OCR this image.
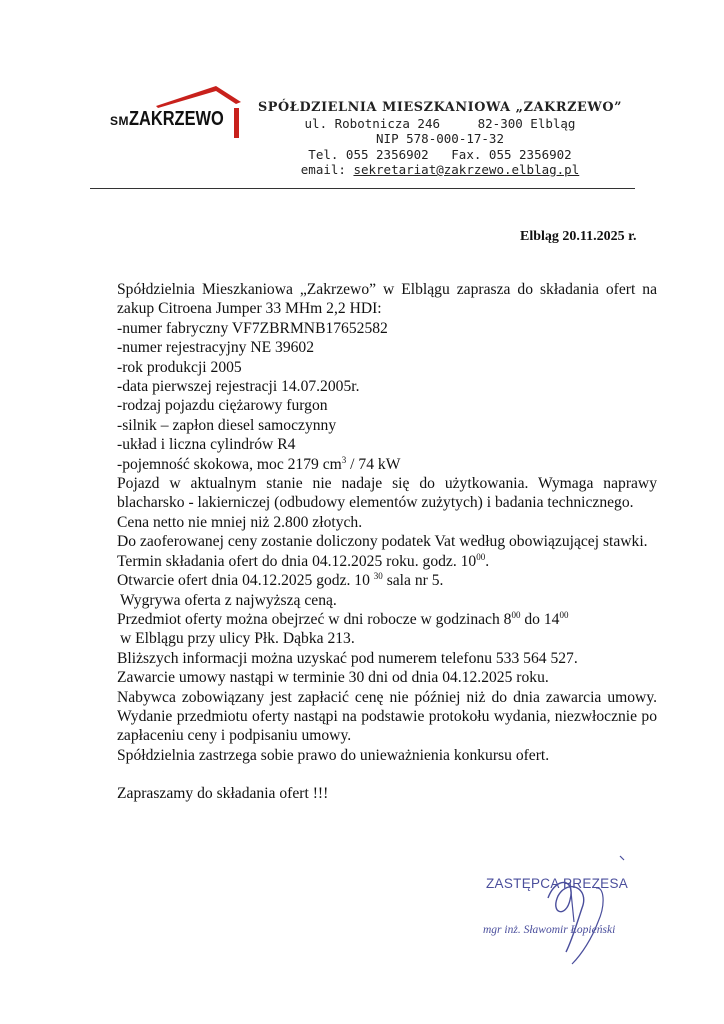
SMZAKRZEWO
SPÓŁDZIELNIA MIESZKANIOWA „ZAKRZEWO”
ul. Robotnicza 246     82-300 Elbląg
NIP 578-000-17-32
Tel. 055 2356902   Fax. 055 2356902
email: sekretariat@zakrzewo.elblag.pl
Elbląg 20.11.2025 r.

Spółdzielnia Mieszkaniowa „Zakrzewo” w Elblągu zaprasza do składania ofert na zakup Citroena Jumper 33 MHm 2,2 HDI:

-numer fabryczny VF7ZBRMNB17652582

-numer rejestracyjny NE 39602

-rok produkcji 2005

-data pierwszej rejestracji 14.07.2005r.

-rodzaj pojazdu ciężarowy furgon

-silnik – zapłon diesel samoczynny

-układ i liczna cylindrów R4

-pojemność skokowa, moc 2179 $cm^3 / 74$ kW

Pojazd w aktualnym stanie nie nadaje się do użytkowania. Wymaga naprawy blacharsko - lakierniczej (odbudowy elementów zużytych) i badania technicznego.

Cena netto nie mniej niż 2.800 złotych.

Do zaoferowanej ceny zostanie doliczony podatek Vat według obowiązującej stawki.

Termin składania ofert do dnia 04.12.2025 roku. godz. $10^{00}$.

Otwarcie ofert dnia 04.12.2025 godz. 10 $^{30}$ sala nr 5.

Wygrywa oferta z najwyższą ceną.

Przedmiot oferty można obejrzeć w dni robocze w godzinach $8^{00}$ do $14^{00}$

w Elblągu przy ulicy Płk. Dąbka 213.

Bliższych informacji można uzyskać pod numerem telefonu 533 564 527.

Zawarcie umowy nastąpi w terminie 30 dni od dnia 04.12.2025 roku.

Nabywca zobowiązany jest zapłacić cenę nie później niż do dnia zawarcia umowy. Wydanie przedmiotu oferty nastąpi na podstawie protokołu wydania, niezwłocznie po zapłaceniu ceny i podpisaniu umowy.

Spółdzielnia zastrzega sobie prawo do unieważnienia konkursu ofert.

Zapraszamy do składania ofert !!!

ZASTĘPCA PREZESA
mgr inż. Sławomir Łopieński
